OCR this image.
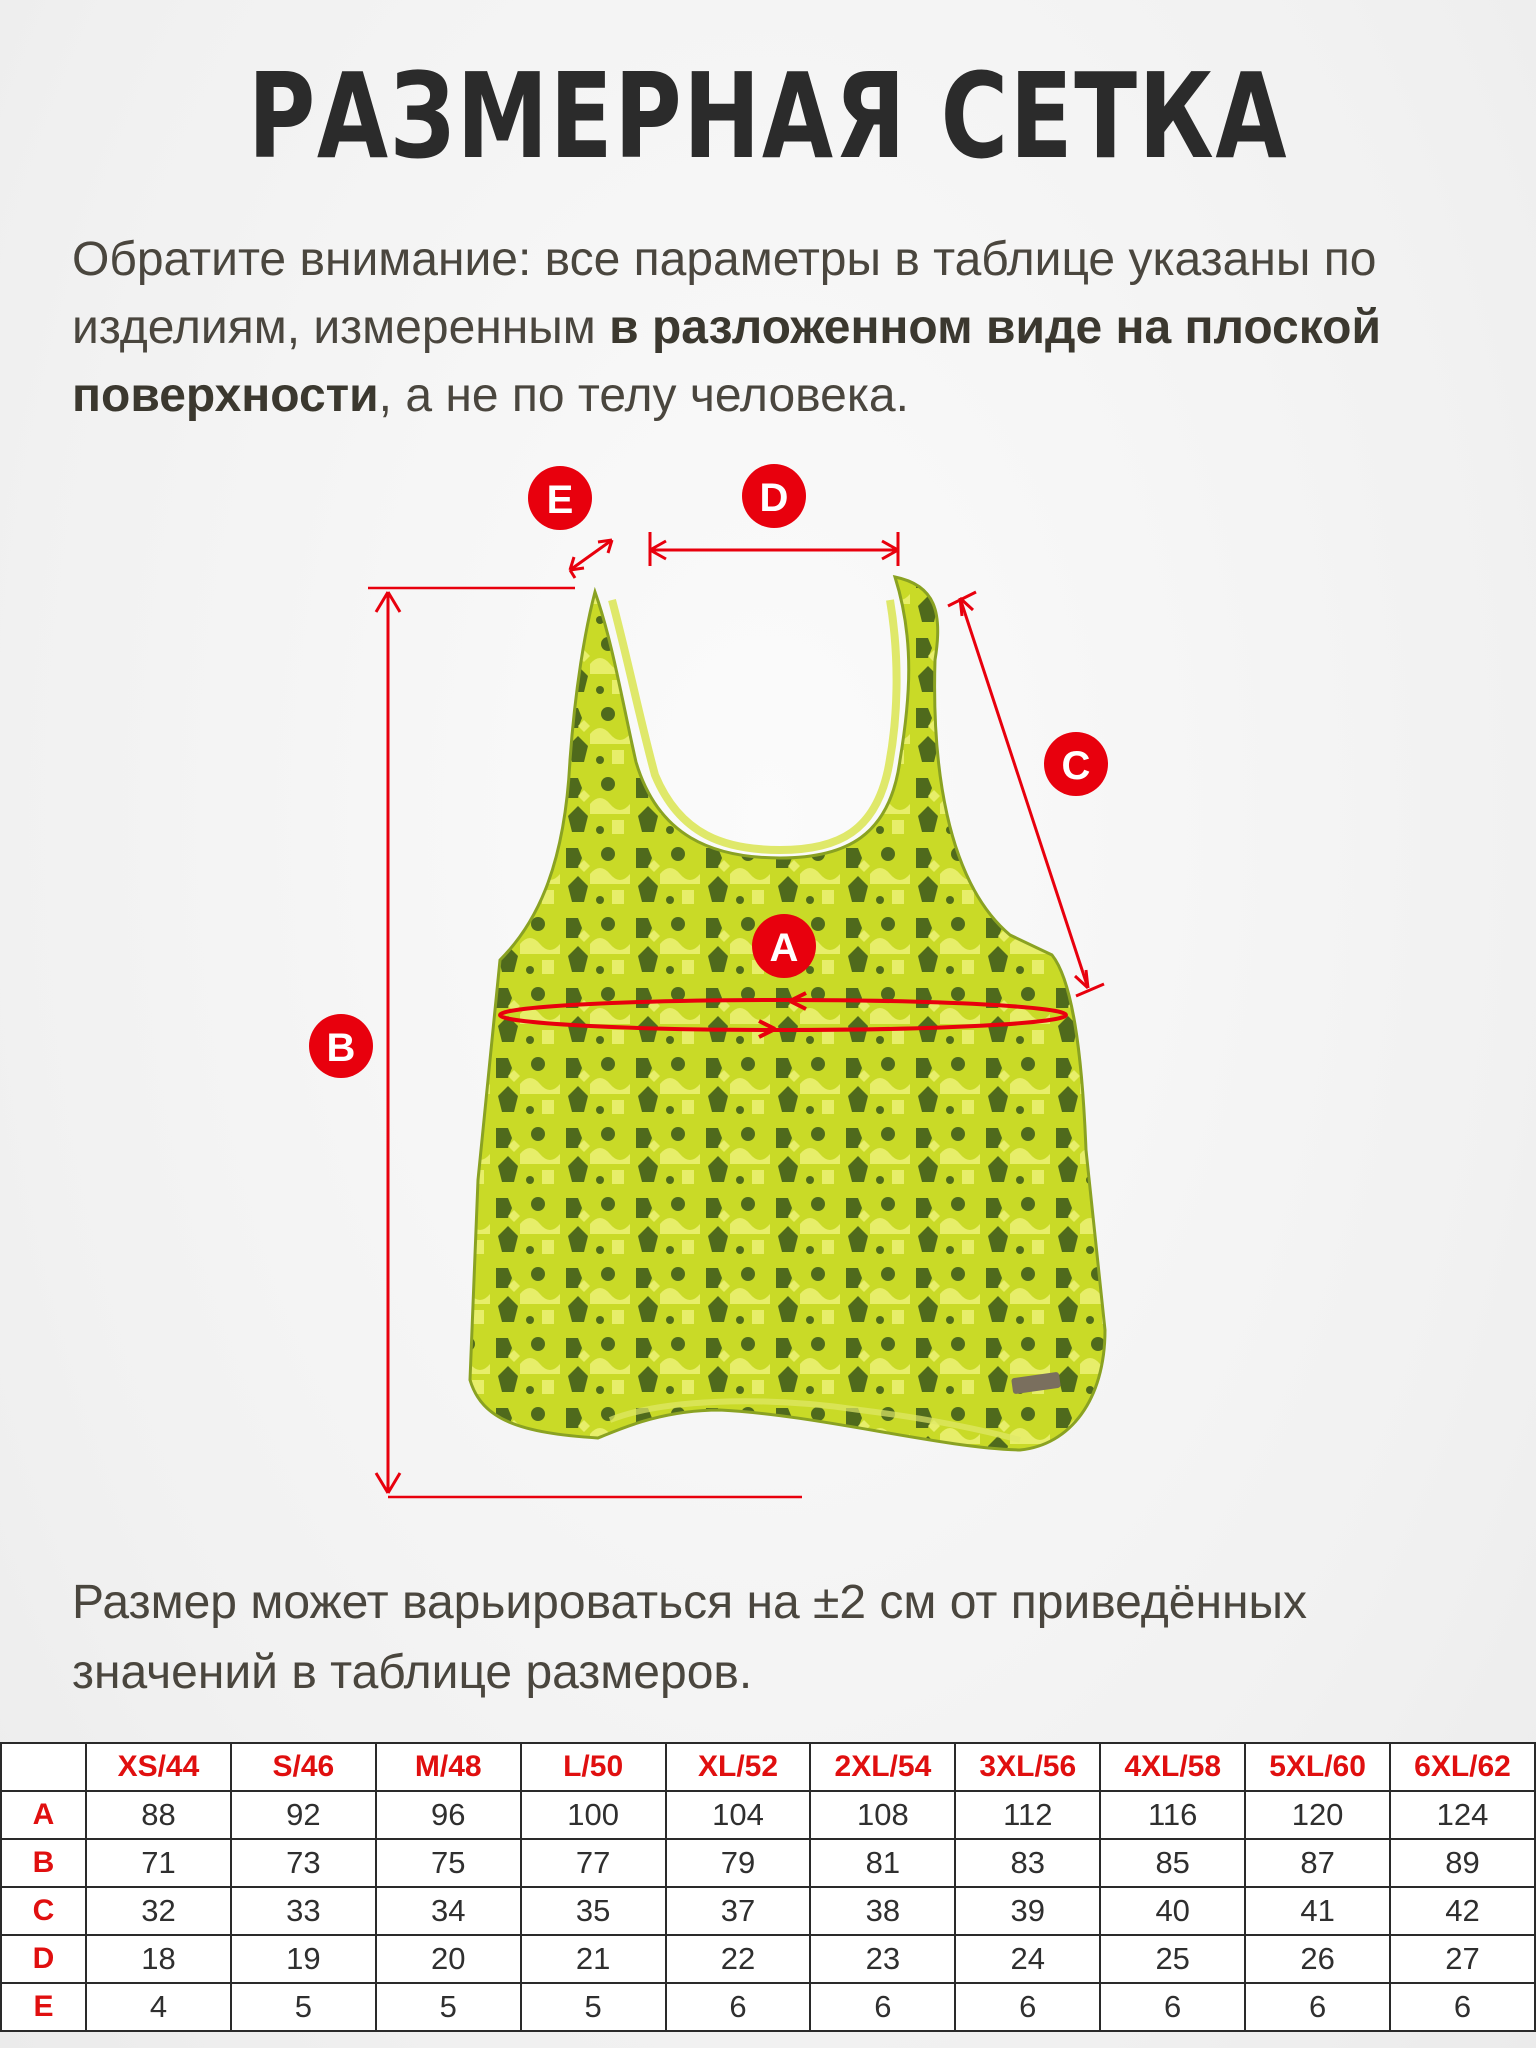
РАЗМЕРНАЯ СЕТКА
Обратите внимание: все параметры в таблице указаны по изделиям, измеренным в разложенном виде на плоской поверхности, а не по телу человека.
E	D
C
B
A
Размер может варьироваться на ±2 см от приведённых значений в таблице размеров.
	XS/44	S/46	M/48	L/50	XL/52	2XL/54	3XL/56	4XL/58	5XL/60	6XL/62
A	88	92	96	100	104	108	112	116	120	124
B	71	73	75	77	79	81	83	85	87	89
C	32	33	34	35	37	38	39	40	41	42
D	18	19	20	21	22	23	24	25	26	27
E	4	5	5	5	6	6	6	6	6	6
